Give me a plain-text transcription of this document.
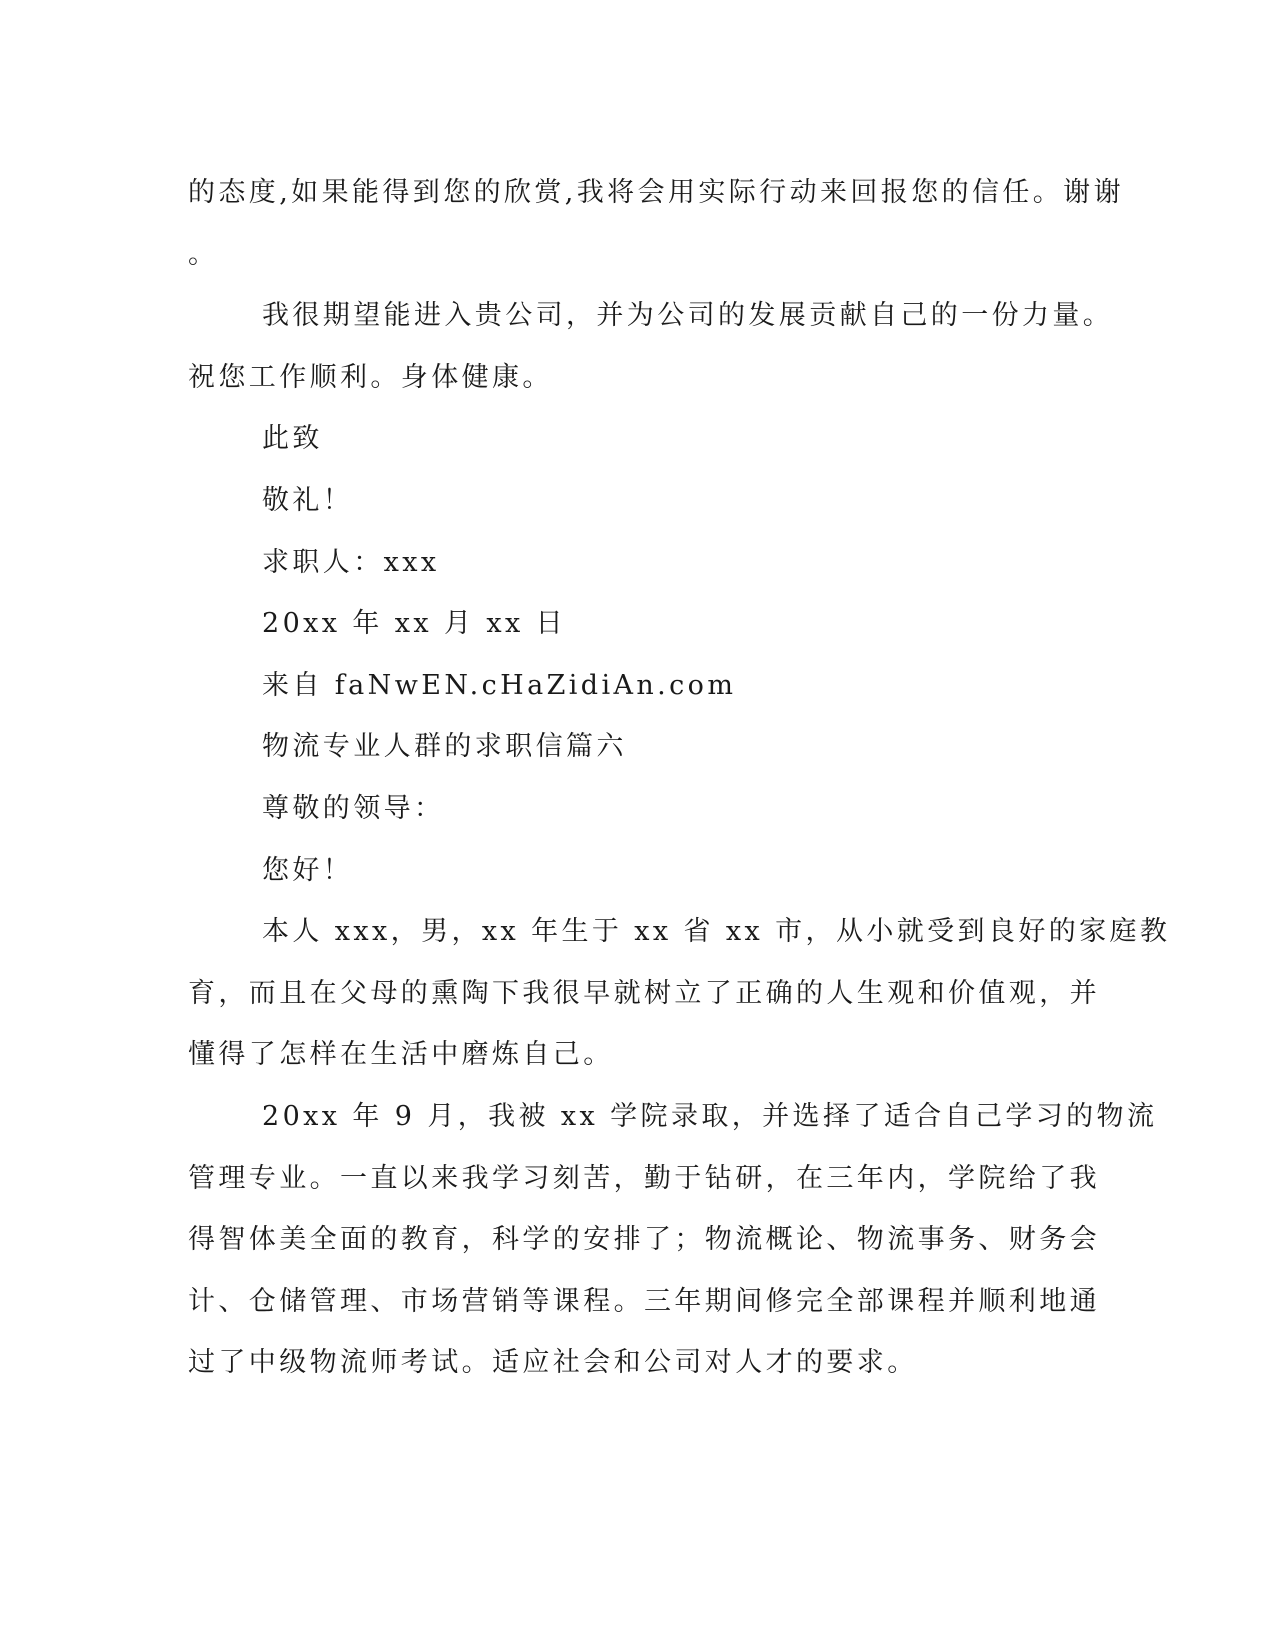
的态度,如果能得到您的欣赏,我将会用实际行动来回报您的信任。谢谢
。
我很期望能进入贵公司，并为公司的发展贡献自己的一份力量。
祝您工作顺利。身体健康。
此致
敬礼！
求职人：xxx
20xx 年 xx 月 xx 日
来自 faNwEN.cHaZidiAn.com
物流专业人群的求职信篇六
尊敬的领导：
您好！
本人 xxx，男，xx 年生于 xx 省 xx 市，从小就受到良好的家庭教
育，而且在父母的熏陶下我很早就树立了正确的人生观和价值观，并
懂得了怎样在生活中磨炼自己。
20xx 年 9 月，我被 xx 学院录取，并选择了适合自己学习的物流
管理专业。一直以来我学习刻苦，勤于钻研，在三年内，学院给了我
得智体美全面的教育，科学的安排了；物流概论、物流事务、财务会
计、仓储管理、市场营销等课程。三年期间修完全部课程并顺利地通
过了中级物流师考试。适应社会和公司对人才的要求。
